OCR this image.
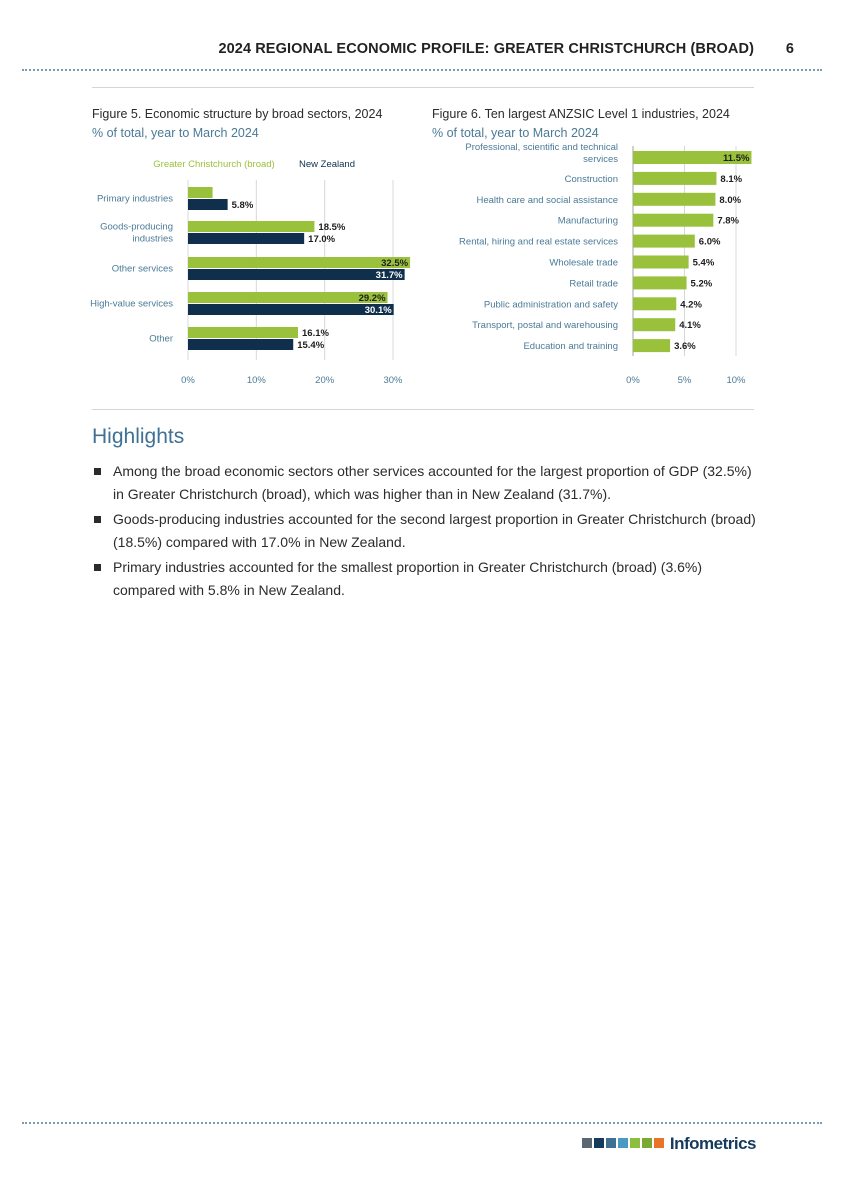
2024 REGIONAL ECONOMIC PROFILE: GREATER CHRISTCHURCH (BROAD) 6
Figure 5. Economic structure by broad sectors, 2024
% of total, year to March 2024
Figure 6. Ten largest ANZSIC Level 1 industries, 2024
% of total, year to March 2024
0%	10%	20%	30%
Greater Christchurch (broad)	New Zealand
Primary industries
5.8%
Goods-producing
industries
18.5%
17.0%
Other services	32.5%
31.7%
High-value services	29.2%
30.1%
Other	16.1%
15.4%
0%	5%	10%
11.5%
Professional, scientific and technical
services
8.1%
Construction
8.0%
Health care and social assistance
7.8%
Manufacturing
6.0%
Rental, hiring and real estate services
5.4%
Wholesale trade
5.2%
Retail trade
4.2%
Public administration and safety
4.1%
Transport, postal and warehousing
3.6%
Education and training
Highlights
Among the broad economic sectors other services accounted for the largest proportion of GDP (32.5%) in Greater Christchurch (broad), which was higher than in New Zealand (31.7%).
Goods-producing industries accounted for the second largest proportion in Greater Christchurch (broad) (18.5%) compared with 17.0% in New Zealand.
Primary industries accounted for the smallest proportion in Greater Christchurch (broad) (3.6%) compared with 5.8% in New Zealand.
Infometrics
